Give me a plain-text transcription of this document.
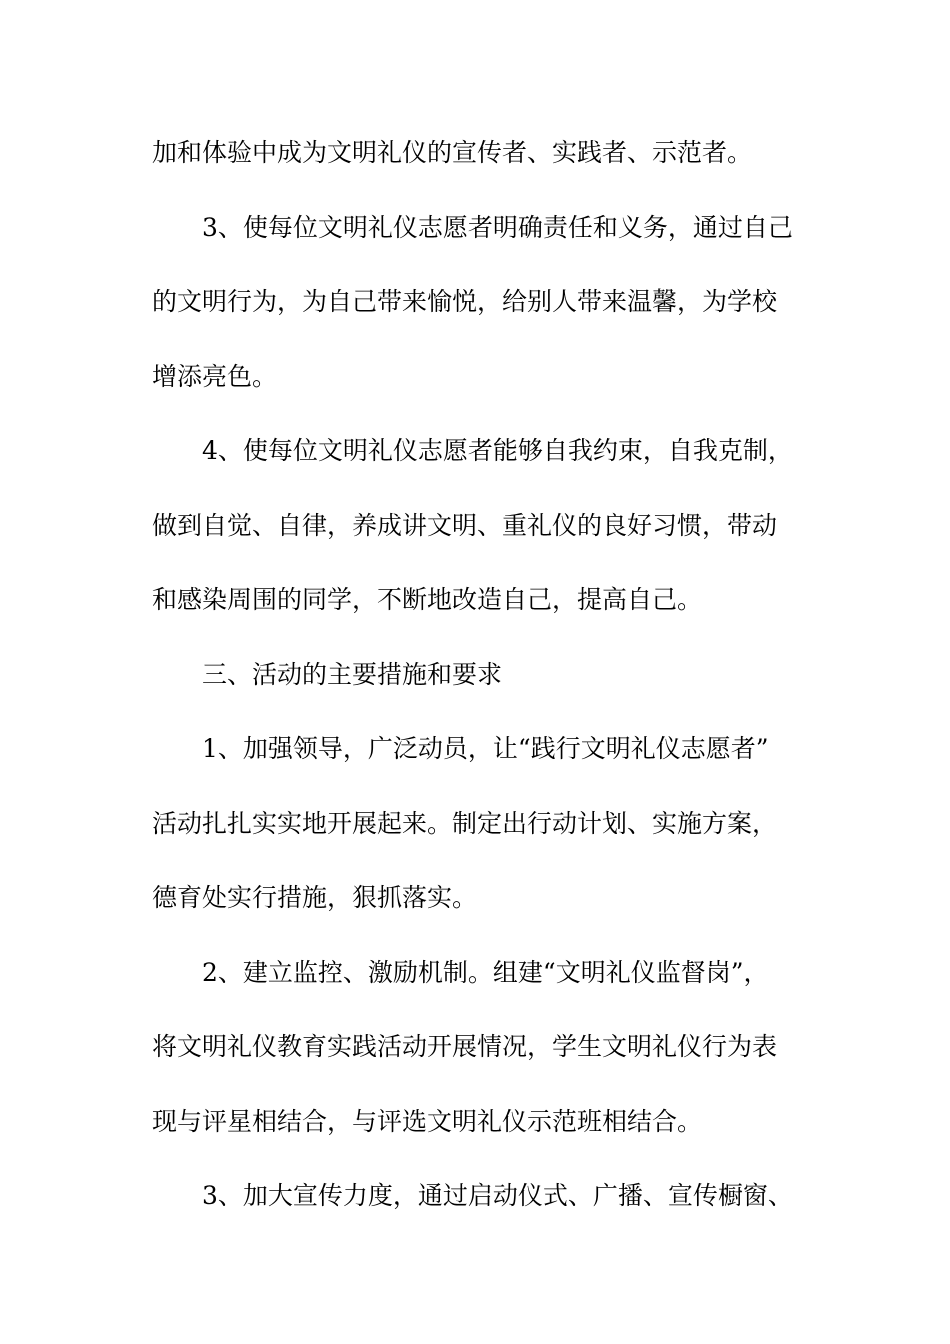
加和体验中成为文明礼仪的宣传者、实践者、示范者。
3、使每位文明礼仪志愿者明确责任和义务，通过自己
的文明行为，为自己带来愉悦，给别人带来温馨，为学校
增添亮色。
4、使每位文明礼仪志愿者能够自我约束，自我克制，
做到自觉、自律，养成讲文明、重礼仪的良好习惯，带动
和感染周围的同学，不断地改造自己，提高自己。
三、活动的主要措施和要求
1、加强领导，广泛动员，让“践行文明礼仪志愿者”
活动扎扎实实地开展起来。制定出行动计划、实施方案，
德育处实行措施，狠抓落实。
2、建立监控、激励机制。组建“文明礼仪监督岗”，
将文明礼仪教育实践活动开展情况，学生文明礼仪行为表
现与评星相结合，与评选文明礼仪示范班相结合。
3、加大宣传力度，通过启动仪式、广播、宣传橱窗、
